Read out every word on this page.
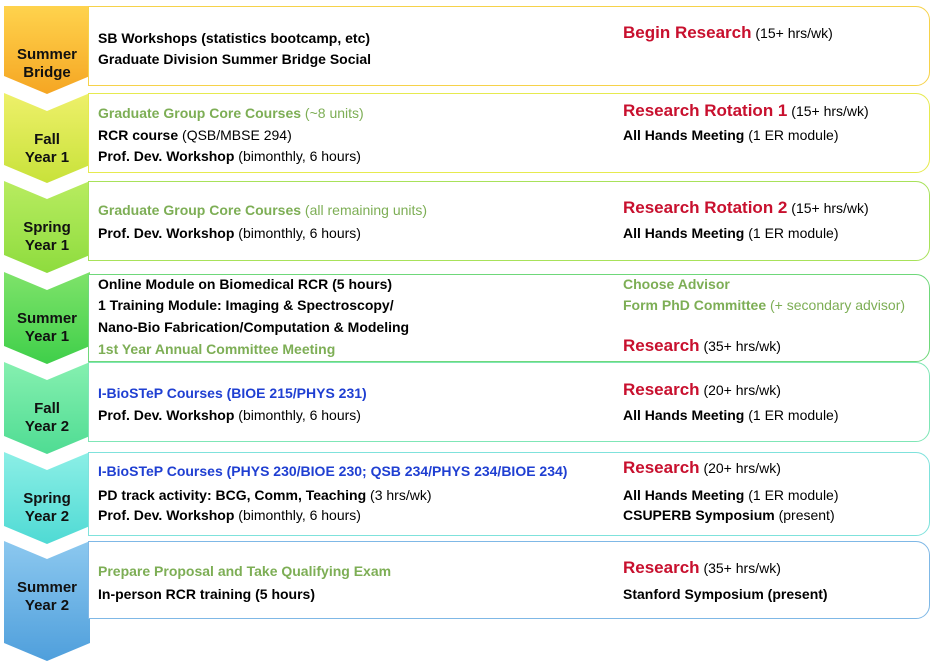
Summer
Bridge
SB Workshops (statistics bootcamp, etc)
Graduate Division Summer Bridge Social
Begin Research (15+ hrs/wk)
Fall
Year 1
Graduate Group Core Courses (~8 units)
RCR course (QSB/MBSE 294)
Prof. Dev. Workshop (bimonthly, 6 hours)
Research Rotation 1 (15+ hrs/wk)
All Hands Meeting (1 ER module)
Spring
Year 1
Graduate Group Core Courses (all remaining units)
Prof. Dev. Workshop (bimonthly, 6 hours)
Research Rotation 2 (15+ hrs/wk)
All Hands Meeting (1 ER module)
Summer
Year 1
Online Module on Biomedical RCR (5 hours)
1 Training Module: Imaging & Spectroscopy/
Nano-Bio Fabrication/Computation & Modeling
1st Year Annual Committee Meeting
Choose Advisor
Form PhD Committee (+ secondary advisor)
Research (35+ hrs/wk)
Fall
Year 2
I-BioSTeP Courses (BIOE 215/PHYS 231)
Prof. Dev. Workshop (bimonthly, 6 hours)
Research (20+ hrs/wk)
All Hands Meeting (1 ER module)
Spring
Year 2
I-BioSTeP Courses (PHYS 230/BIOE 230; QSB 234/PHYS 234/BIOE 234)
PD track activity: BCG, Comm, Teaching (3 hrs/wk)
Prof. Dev. Workshop (bimonthly, 6 hours)
Research (20+ hrs/wk)
All Hands Meeting (1 ER module)
CSUPERB Symposium (present)
Summer
Year 2
Prepare Proposal and Take Qualifying Exam
In-person RCR training (5 hours)
Research (35+ hrs/wk)
Stanford Symposium (present)
